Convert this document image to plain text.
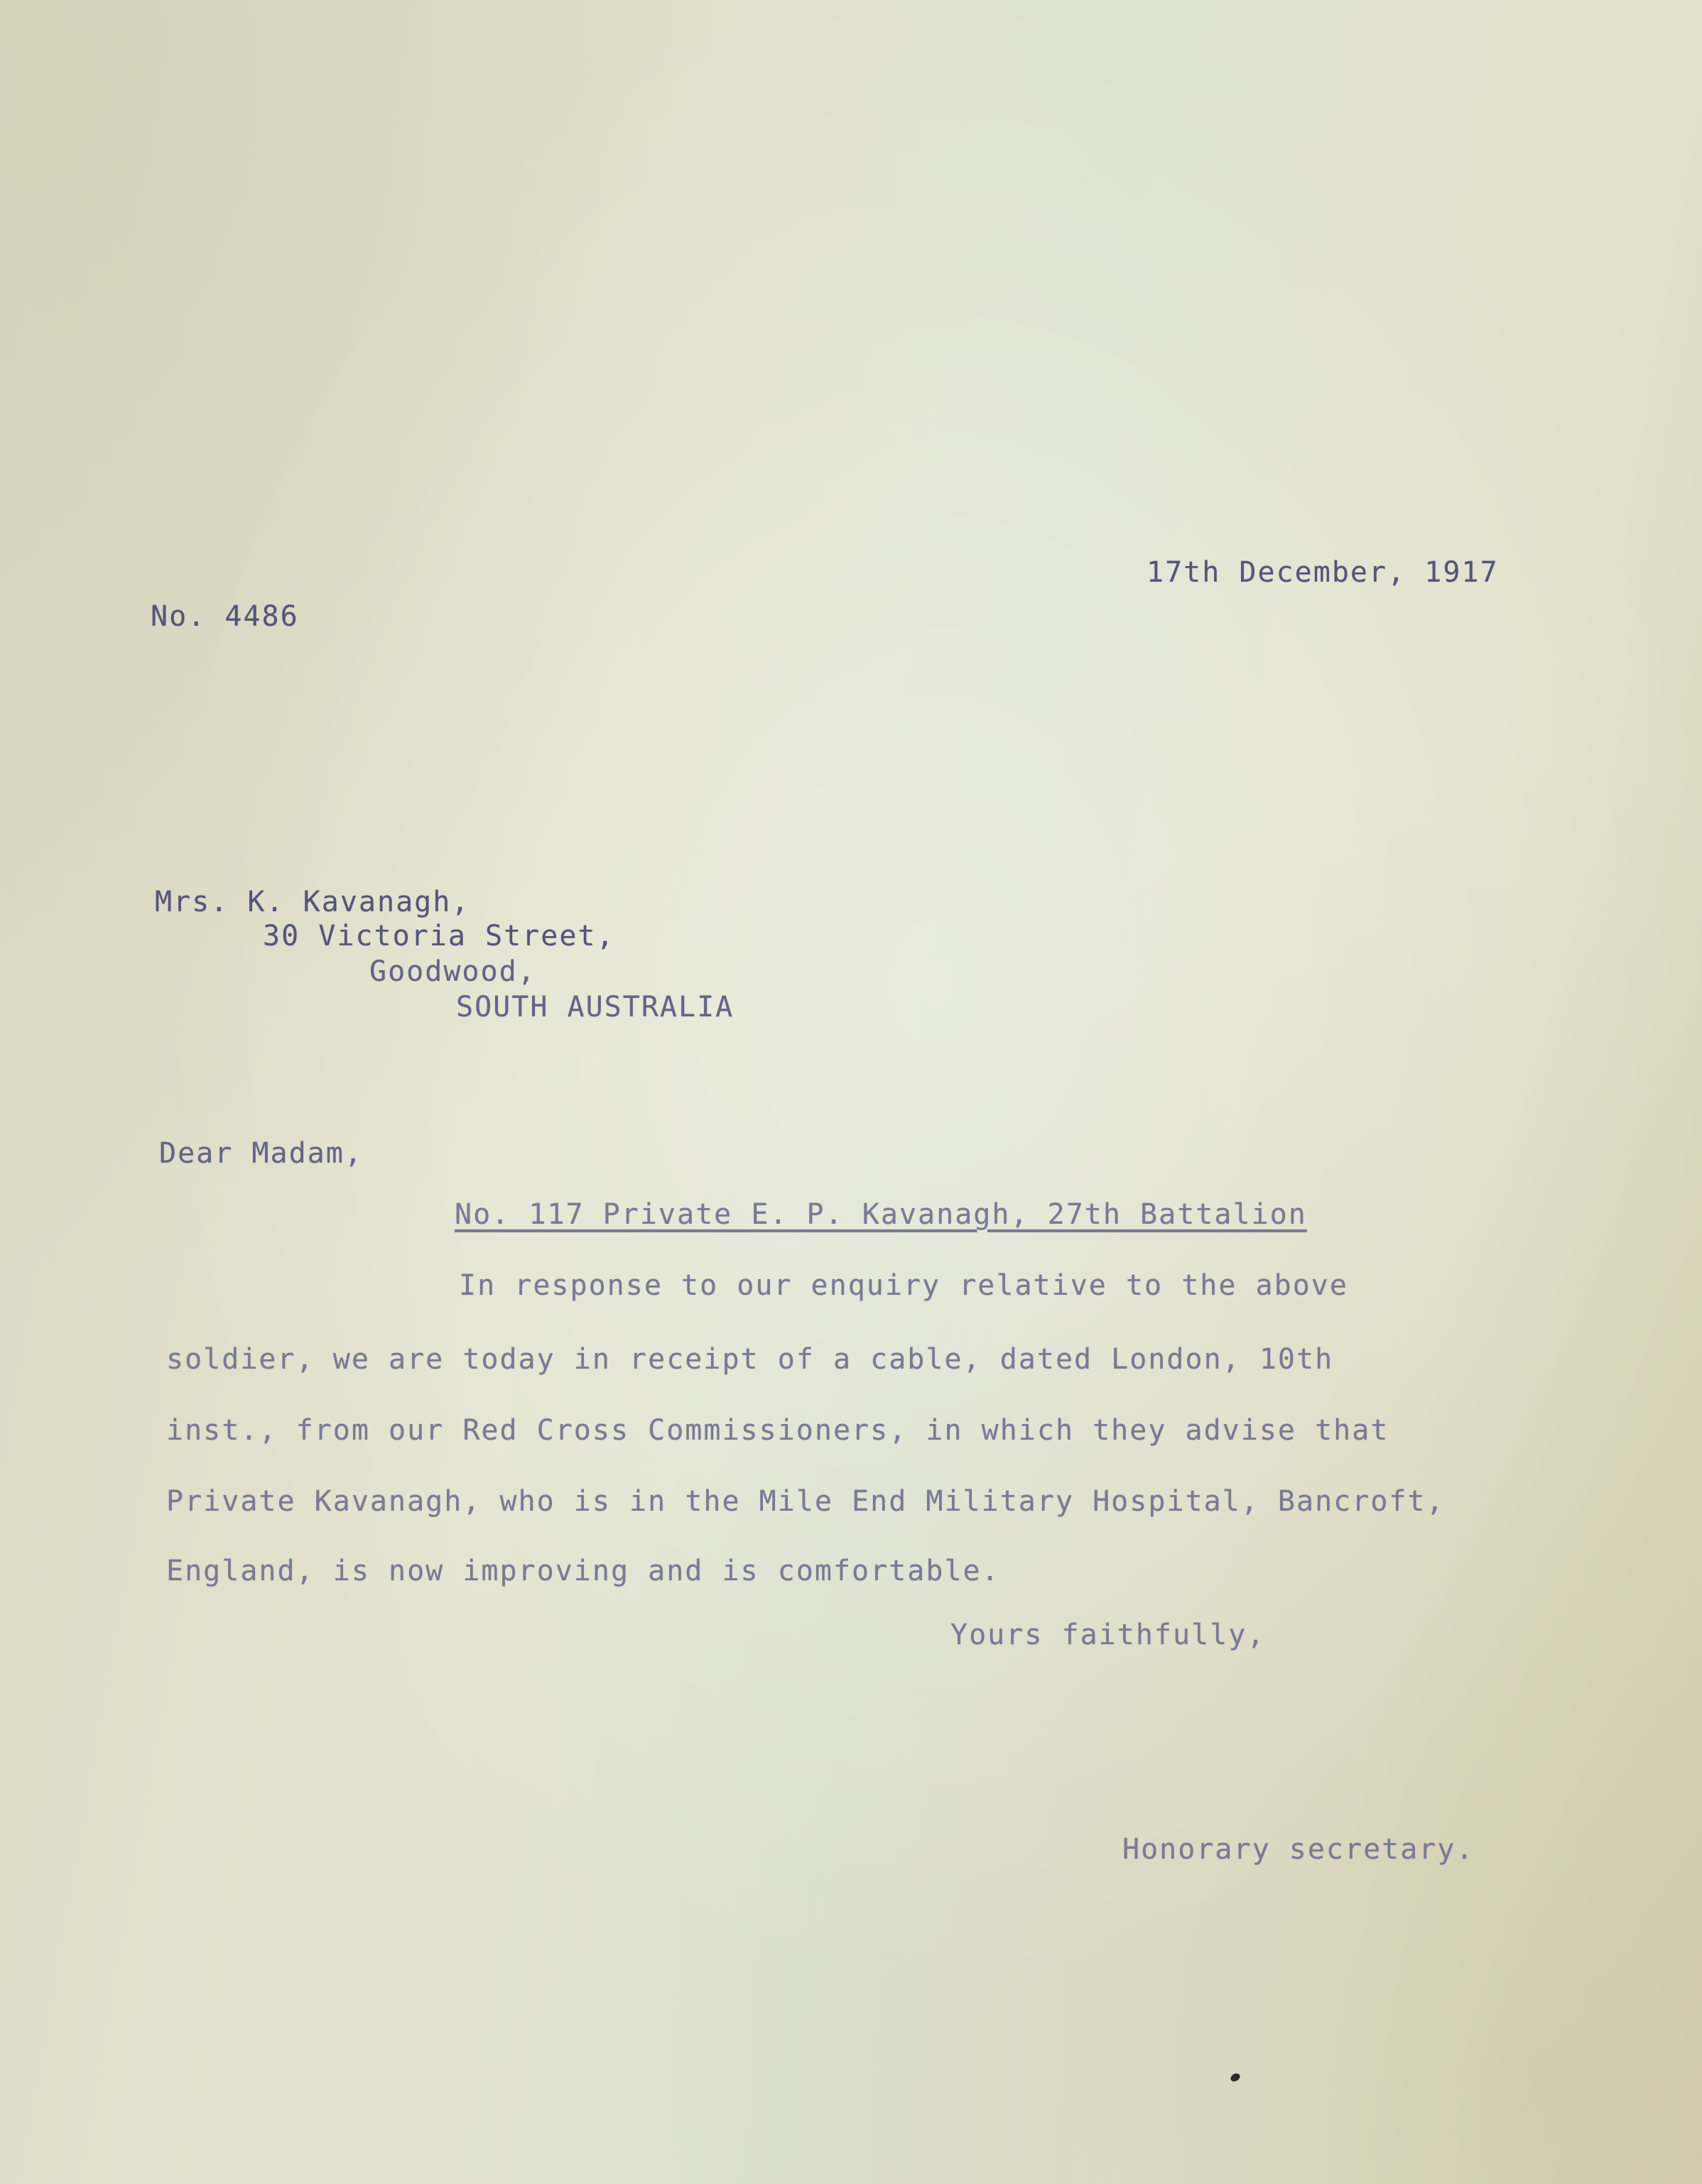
17th December, 1917
No. 4486
Mrs. K. Kavanagh,
30 Victoria Street,
Goodwood,
SOUTH AUSTRALIA
Dear Madam,
No. 117 Private E. P. Kavanagh, 27th Battalion
In response to our enquiry relative to the above
soldier, we are today in receipt of a cable, dated London, 10th
inst., from our Red Cross Commissioners, in which they advise that
Private Kavanagh, who is in the Mile End Military Hospital, Bancroft,
England, is now improving and is comfortable.
Yours faithfully,
Honorary secretary.
